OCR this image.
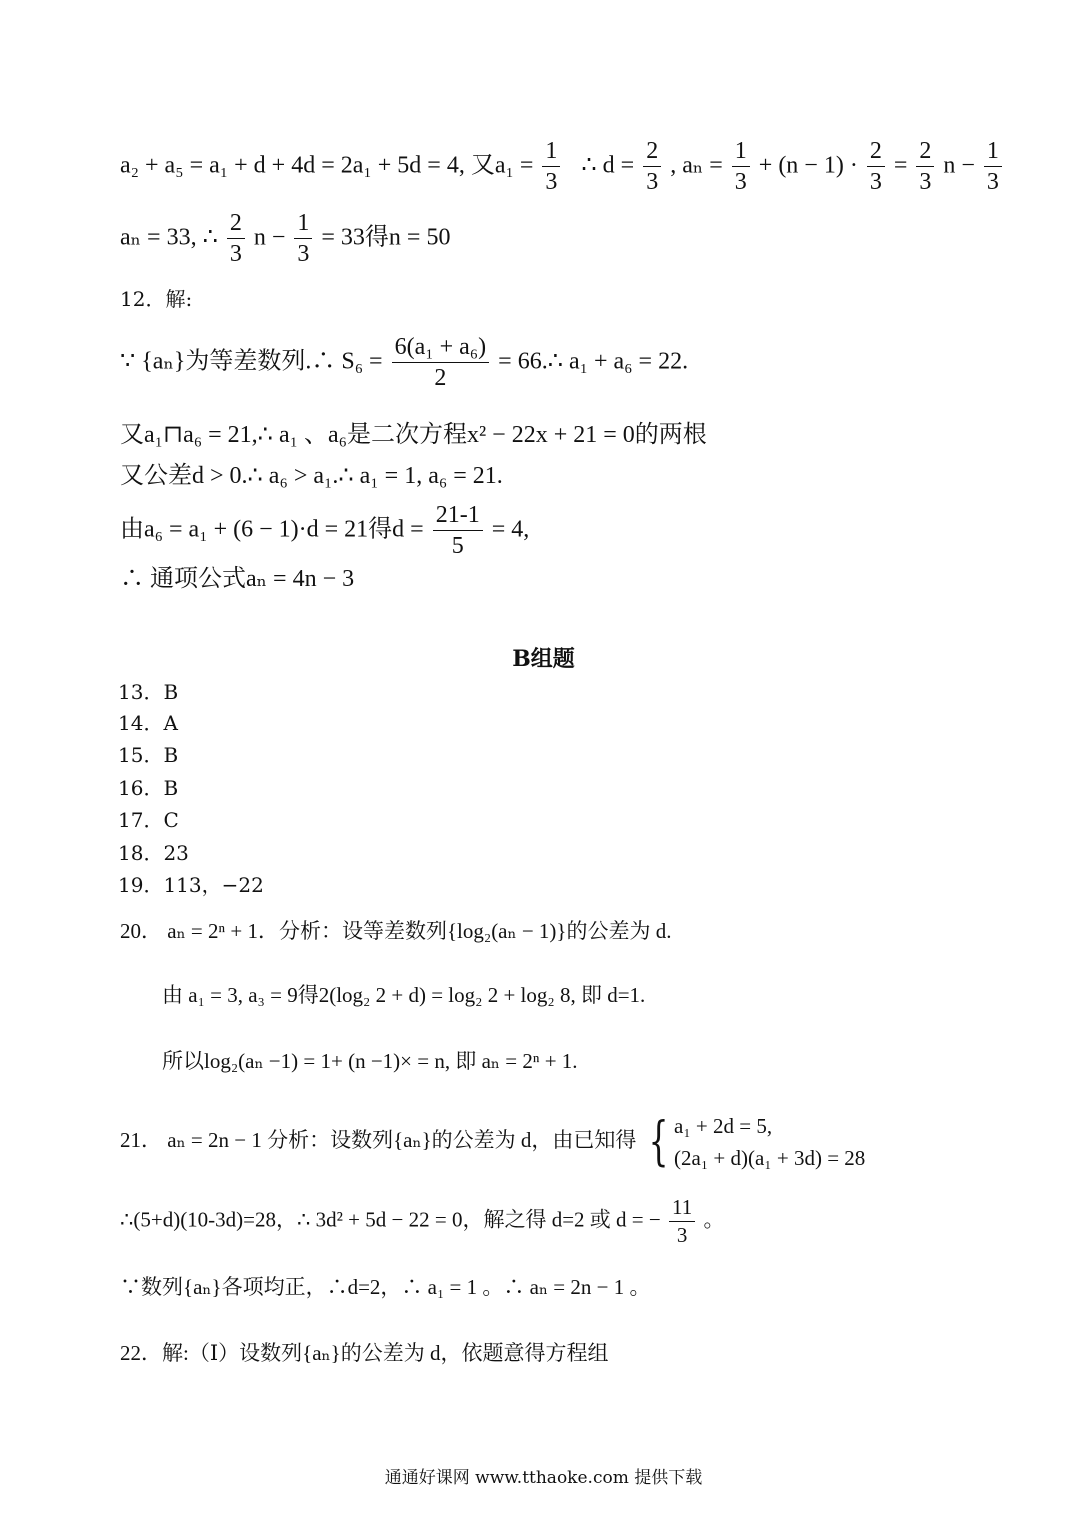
a₂ + a₅ = a₁ + d + 4d = 2a₁ + 5d = 4, 又$a_1 = \frac{1}{3}$ ∴ $d = \frac{2}{3}$ , $a_n = \frac{1}{3} + (n - 1) \cdot \frac{2}{3} = \frac{2}{3}$ $n - \frac{1}{3}$
aₙ = 33, ∴ $\frac{2}{3}$ $n - \frac{1}{3} = 33$得n = 50
12．解:
∵ {aₙ}为等差数列.∴ $S_6 = \frac{\text{6(a₁ + a₆)}}{2}$ = 66.∴ a₁ + a₆ = 22.
又a₁⊓a₆ = 21,∴ a₁ 、a₆是二次方程x² − 22x + 21 = 0的两根
又公差d > 0.∴ a₆ > a₁.∴ a₁ = 1, a₆ = 21.
由a₆ = a₁ + (6 − 1)·d = 21得$d = \frac{21-1}{5} = 4$,
∴ 通项公式aₙ = 4n − 3
B组题
13．B
14．A
15．B
16．B
17．C
18．23
19．113，−22
20． aₙ = 2ⁿ + 1．分析：设等差数列{log₂(aₙ − 1)}的公差为 d.
由 a₁ = 3, a₃ = 9得2(log₂ 2 + d) = log₂ 2 + log₂ 8, 即 d=1.
所以log₂(aₙ −1) = 1+ (n −1)× = n, 即 aₙ = 2ⁿ + 1.
21． aₙ = 2n − 1 分析：设数列{aₙ}的公差为 d，由已知得 { a₁ + 2d = 5,
(2a₁ + d)(a₁ + 3d) = 28
∴(5+d)(10-3d)=28，∴ 3d² + 5d − 22 = 0，解之得 d=2 或 d = − $\frac{11}{3}$ 。
∵数列{aₙ}各项均正，∴d=2，∴ a₁ = 1 。∴ aₙ = 2n − 1 。
22．解:（Ⅰ）设数列{aₙ}的公差为 d，依题意得方程组
通通好课网 www.tthaoke.com 提供下载
